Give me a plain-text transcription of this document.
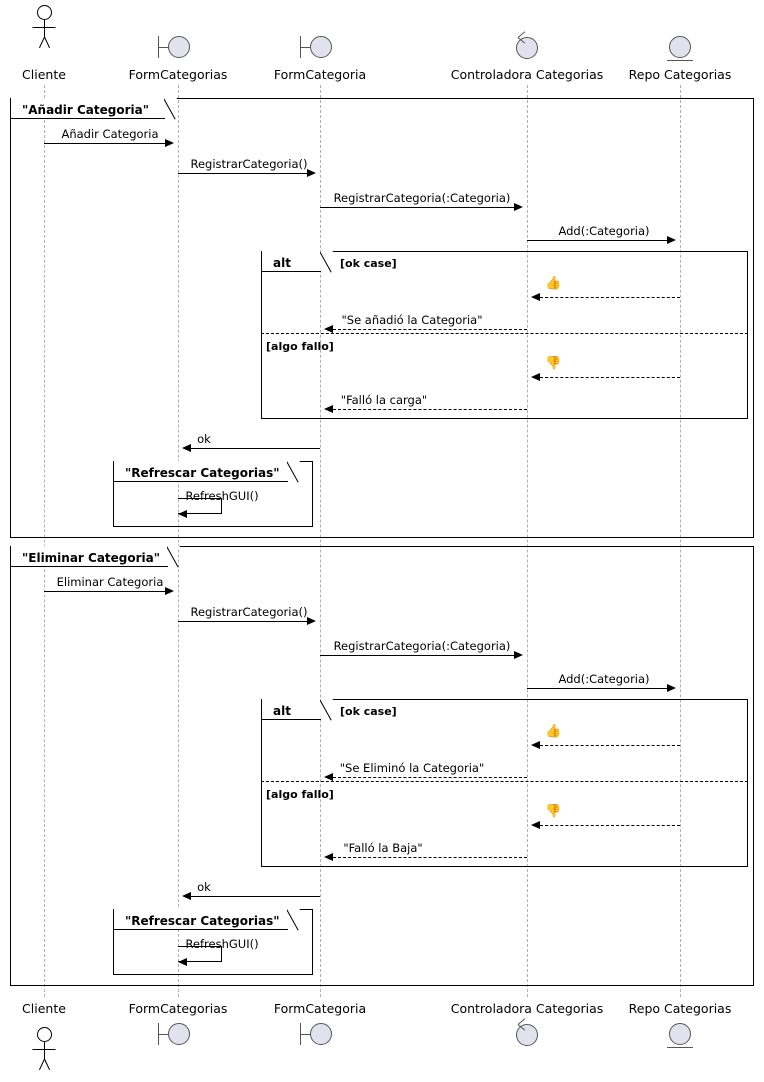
Cliente	FormCategorias	FormCategoria	Controladora Categorias Repo Categorias
"Añadir Categoria"
Añadir Categoria
RegistrarCategoria()
RegistrarCategoria(:Categoria)
Add(:Categoria)
alt	[ok case]
👍
"Se añadió la Categoria"
[algo fallo]
👎
"Falló la carga"
ok
"Refrescar Categorias"
RefreshGUI()
"Eliminar Categoria"
Eliminar Categoria
RegistrarCategoria()
RegistrarCategoria(:Categoria)
Add(:Categoria)
alt	[ok case]
👍
"Se Eliminó la Categoria"
[algo fallo]
👎
"Falló la Baja"
ok
"Refrescar Categorias"
RefreshGUI()
Cliente	FormCategorias	FormCategoria	Controladora Categorias Repo Categorias
